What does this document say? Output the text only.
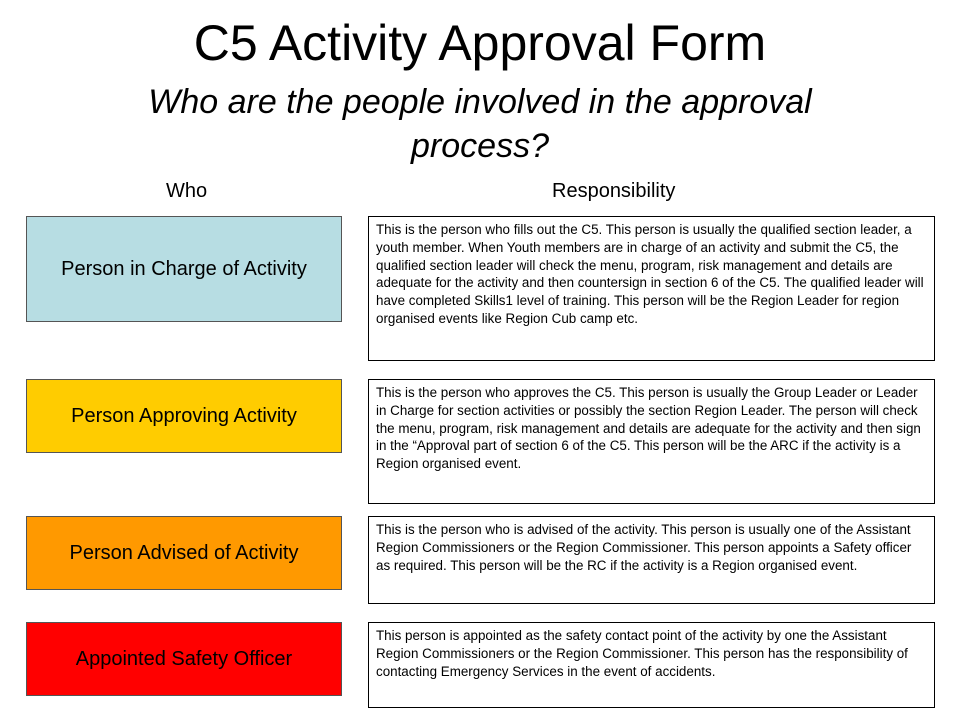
C5 Activity Approval Form
Who are the people involved in the approval process?
Who	Responsibility
Person in Charge of Activity
This is the person who fills out the C5. This person is usually the qualified section leader, a youth member. When Youth members are in charge of an activity and submit the C5, the qualified section leader will check the menu, program, risk management and details are adequate for the activity and then countersign in section 6 of the C5. The qualified leader will have completed Skills1 level of training. This person will be the Region Leader for region organised events like Region Cub camp etc.
Person Approving Activity
This is the person who approves the C5. This person is usually the Group Leader or Leader in Charge for section activities or possibly the section Region Leader. The person will check the menu, program, risk management and details are adequate for the activity and then sign in the “Approval part of section 6 of the C5. This person will be the ARC if the activity is a Region organised event.
Person Advised of Activity
This is the person who is advised of the activity. This person is usually one of the Assistant Region Commissioners or the Region Commissioner. This person appoints a Safety officer as required. This person will be the RC if the activity is a Region organised event.
Appointed Safety Officer
This person is appointed as the safety contact point of the activity by one the Assistant Region Commissioners or the Region Commissioner. This person has the responsibility of contacting Emergency Services in the event of accidents.
